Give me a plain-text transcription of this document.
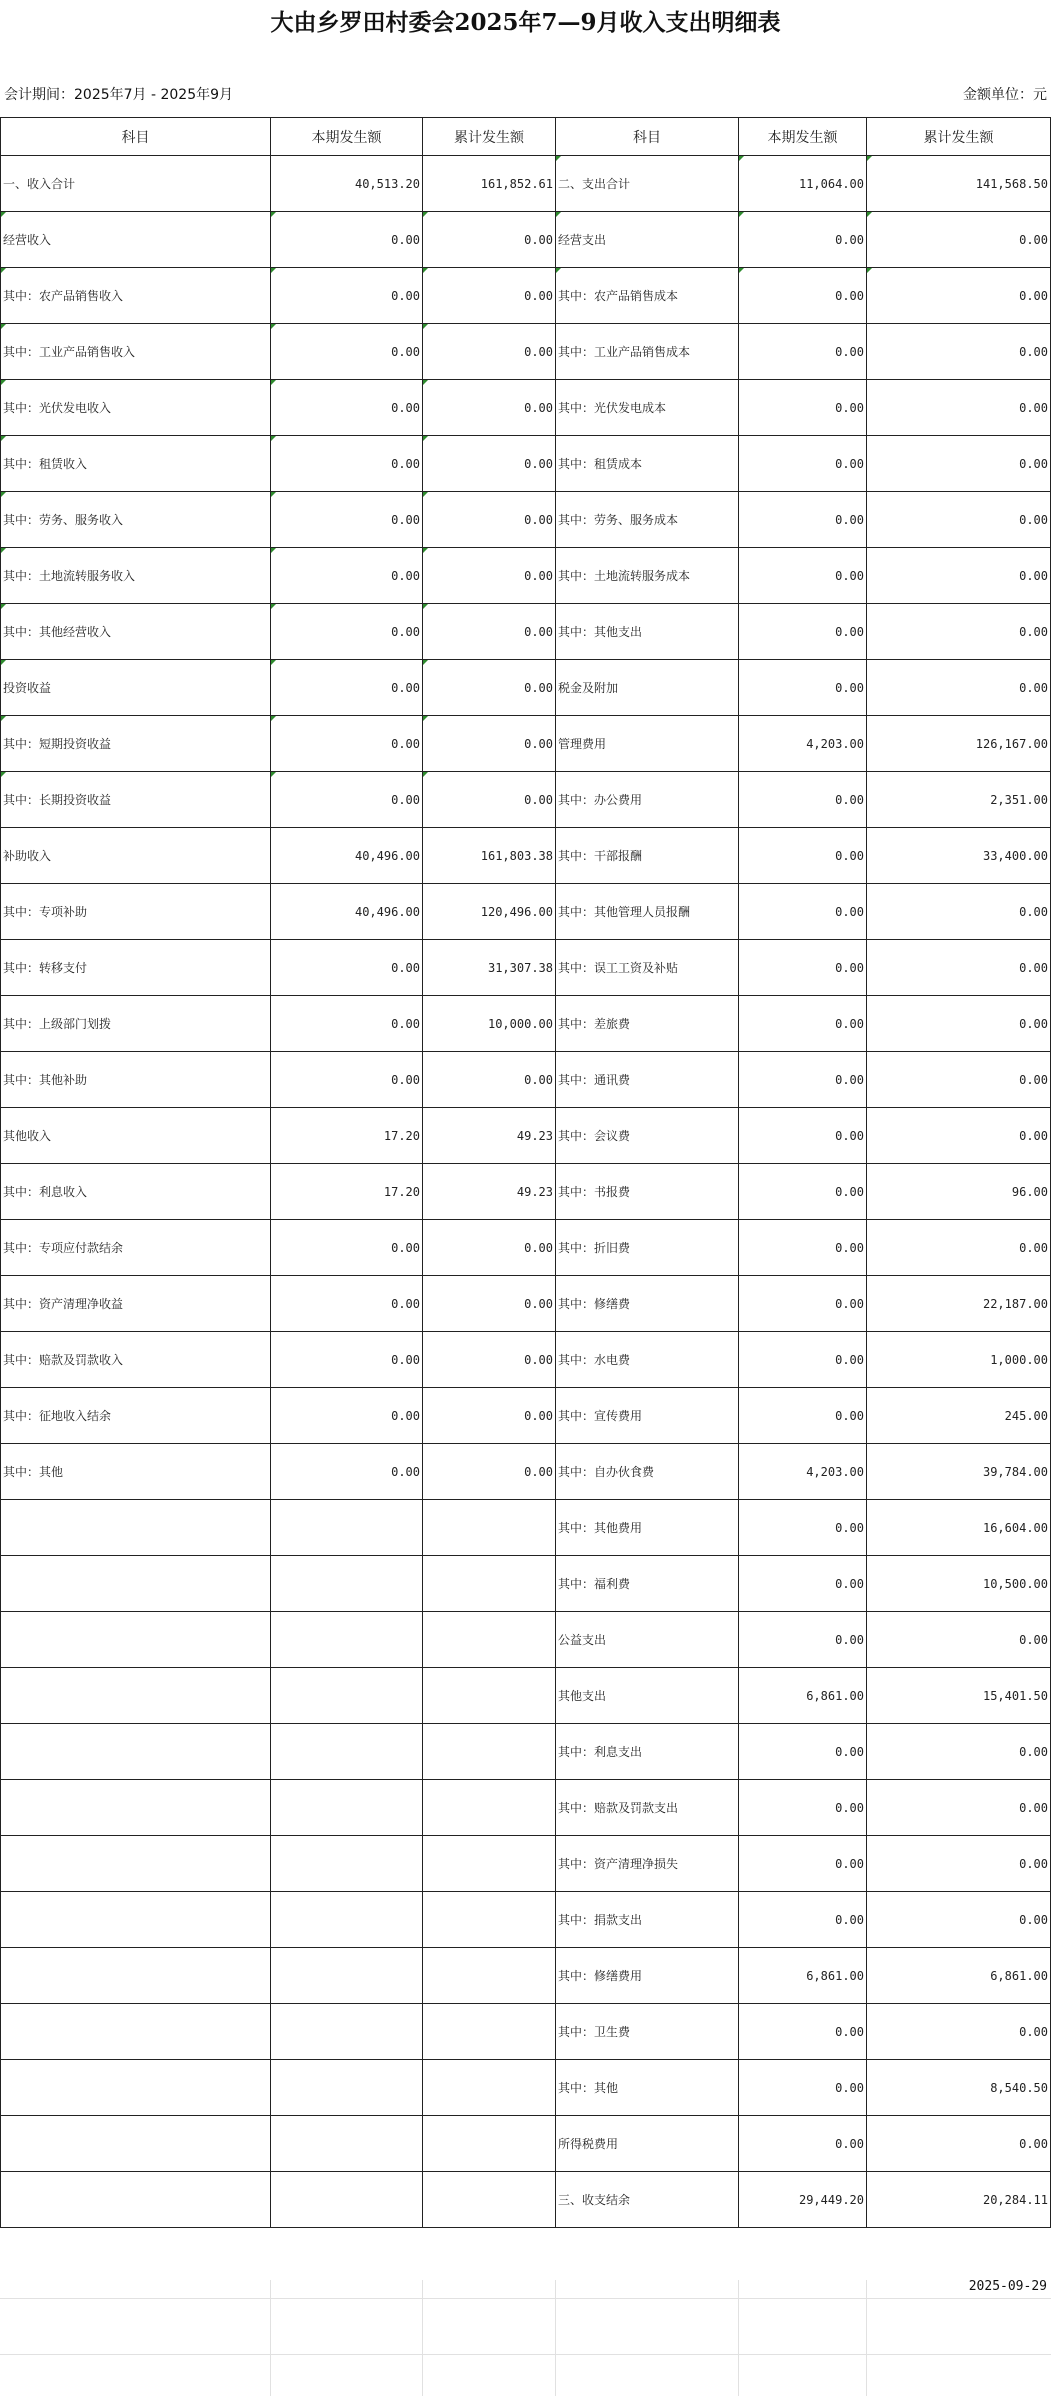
大由乡罗田村委会2025年7—9月收入支出明细表
会计期间：2025年7月 - 2025年9月	金额单位：元
科目	本期发生额	累计发生额	科目	本期发生额	累计发生额
一、收入合计	40,513.20	161,852.61	二、支出合计	11,064.00	141,568.50
经营收入	0.00	0.00	经营支出	0.00	0.00
其中：农产品销售收入	0.00	0.00	其中：农产品销售成本	0.00	0.00
其中：工业产品销售收入	0.00	0.00	其中：工业产品销售成本	0.00	0.00
其中：光伏发电收入	0.00	0.00	其中：光伏发电成本	0.00	0.00
其中：租赁收入	0.00	0.00	其中：租赁成本	0.00	0.00
其中：劳务、服务收入	0.00	0.00	其中：劳务、服务成本	0.00	0.00
其中：土地流转服务收入	0.00	0.00	其中：土地流转服务成本	0.00	0.00
其中：其他经营收入	0.00	0.00	其中：其他支出	0.00	0.00
投资收益	0.00	0.00	税金及附加	0.00	0.00
其中：短期投资收益	0.00	0.00	管理费用	4,203.00	126,167.00
其中：长期投资收益	0.00	0.00	其中：办公费用	0.00	2,351.00
补助收入	40,496.00	161,803.38	其中：干部报酬	0.00	33,400.00
其中：专项补助	40,496.00	120,496.00	其中：其他管理人员报酬	0.00	0.00
其中：转移支付	0.00	31,307.38	其中：误工工资及补贴	0.00	0.00
其中：上级部门划拨	0.00	10,000.00	其中：差旅费	0.00	0.00
其中：其他补助	0.00	0.00	其中：通讯费	0.00	0.00
其他收入	17.20	49.23	其中：会议费	0.00	0.00
其中：利息收入	17.20	49.23	其中：书报费	0.00	96.00
其中：专项应付款结余	0.00	0.00	其中：折旧费	0.00	0.00
其中：资产清理净收益	0.00	0.00	其中：修缮费	0.00	22,187.00
其中：赔款及罚款收入	0.00	0.00	其中：水电费	0.00	1,000.00
其中：征地收入结余	0.00	0.00	其中：宣传费用	0.00	245.00
其中：其他	0.00	0.00	其中：自办伙食费	4,203.00	39,784.00
			其中：其他费用	0.00	16,604.00
			其中：福利费	0.00	10,500.00
			公益支出	0.00	0.00
			其他支出	6,861.00	15,401.50
			其中：利息支出	0.00	0.00
			其中：赔款及罚款支出	0.00	0.00
			其中：资产清理净损失	0.00	0.00
			其中：捐款支出	0.00	0.00
			其中：修缮费用	6,861.00	6,861.00
			其中：卫生费	0.00	0.00
			其中：其他	0.00	8,540.50
			所得税费用	0.00	0.00
			三、收支结余	29,449.20	20,284.11
2025-09-29
